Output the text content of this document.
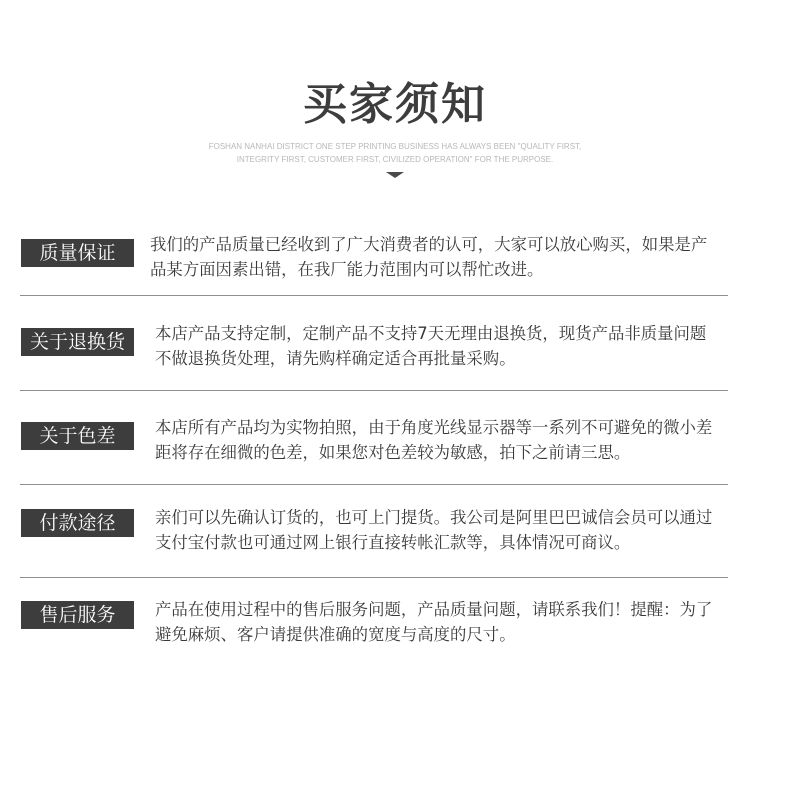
买家须知
FOSHAN NANHAI DISTRICT ONE STEP PRINTING BUSINESS HAS ALWAYS BEEN "QUALITY FIRST,
INTEGRITY FIRST, CUSTOMER FIRST, CIVILIZED OPERATION" FOR THE PURPOSE.
质量保证	我们的产品质量已经收到了广大消费者的认可，大家可以放心购买，如果是产
品某方面因素出错，在我厂能力范围内可以帮忙改进。
关于退换货	本店产品支持定制，定制产品不支持7天无理由退换货，现货产品非质量问题
不做退换货处理，请先购样确定适合再批量采购。
关于色差	本店所有产品均为实物拍照，由于角度光线显示器等一系列不可避免的微小差
距将存在细微的色差，如果您对色差较为敏感，拍下之前请三思。
付款途径	亲们可以先确认订货的，也可上门提货。我公司是阿里巴巴诚信会员可以通过
支付宝付款也可通过网上银行直接转帐汇款等，具体情况可商议。
售后服务	产品在使用过程中的售后服务问题，产品质量问题，请联系我们！提醒：为了
避免麻烦、客户请提供准确的宽度与高度的尺寸。
